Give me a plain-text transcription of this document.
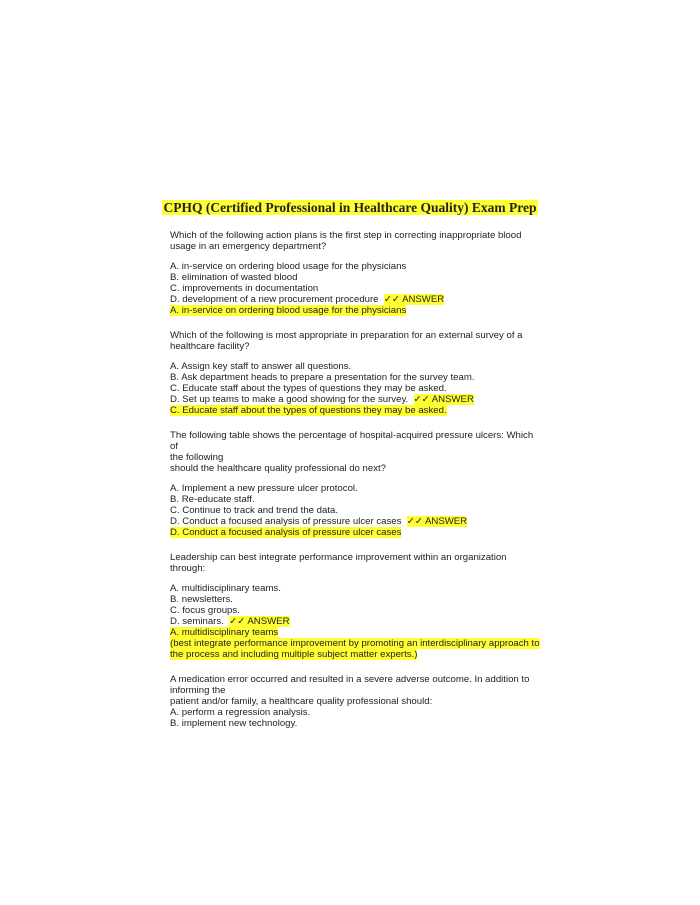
CPHQ (Certified Professional in Healthcare Quality) Exam Prep
Which of the following action plans is the first step in correcting inappropriate blood
usage in an emergency department?
A. in-service on ordering blood usage for the physicians
B. elimination of wasted blood
C. improvements in documentation
D. development of a new procurement procedure ✓✓ ANSWER
A. in-service on ordering blood usage for the physicians
Which of the following is most appropriate in preparation for an external survey of a
healthcare facility?
A. Assign key staff to answer all questions.
B. Ask department heads to prepare a presentation for the survey team.
C. Educate staff about the types of questions they may be asked.
D. Set up teams to make a good showing for the survey. ✓✓ ANSWER
C. Educate staff about the types of questions they may be asked.
The following table shows the percentage of hospital-acquired pressure ulcers: Which of
the following
should the healthcare quality professional do next?
A. Implement a new pressure ulcer protocol.
B. Re-educate staff.
C. Continue to track and trend the data.
D. Conduct a focused analysis of pressure ulcer cases ✓✓ ANSWER
D. Conduct a focused analysis of pressure ulcer cases
Leadership can best integrate performance improvement within an organization
through:
A. multidisciplinary teams.
B. newsletters.
C. focus groups.
D. seminars. ✓✓ ANSWER
A. multidisciplinary teams
(best integrate performance improvement by promoting an interdisciplinary approach to
the process and including multiple subject matter experts.)
A medication error occurred and resulted in a severe adverse outcome. In addition to
informing the
patient and/or family, a healthcare quality professional should:
A. perform a regression analysis.
B. implement new technology.
